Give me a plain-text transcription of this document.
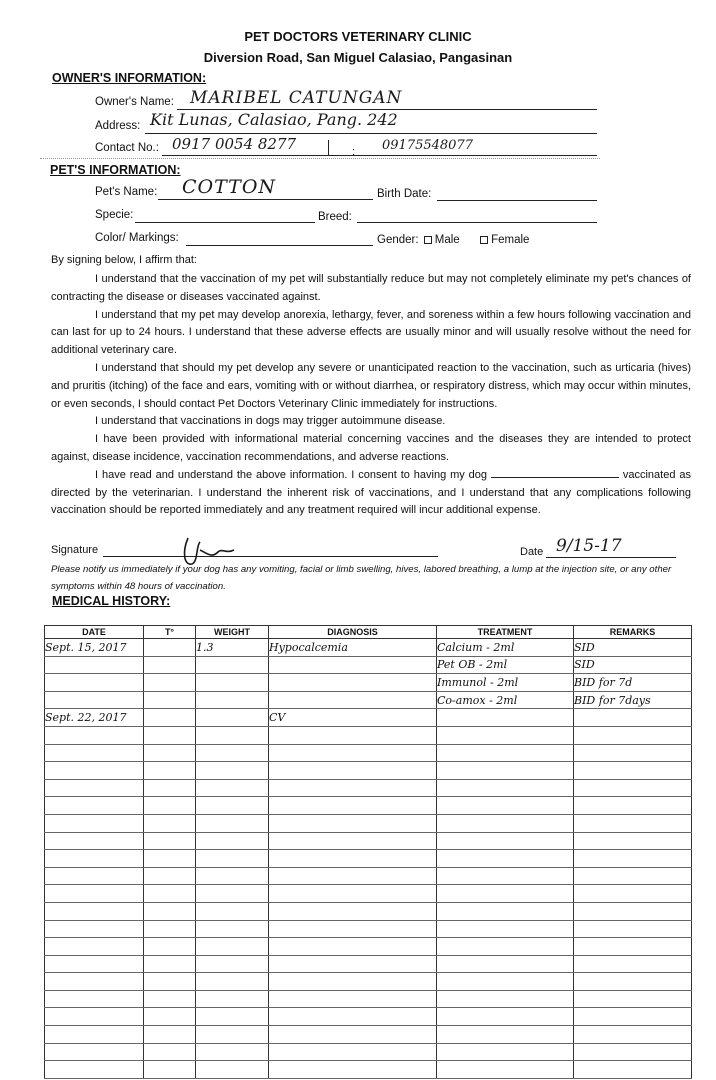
PET DOCTORS VETERINARY CLINIC
Diversion Road, San Miguel Calasiao, Pangasinan
OWNER'S INFORMATION:
Owner's Name: MARIBEL CATUNGAN
Address: Kit Lunas, Calasiao, Pang. 242
Contact No.: 0917 0054 8277	: 09175548077
PET'S INFORMATION:
Pet's Name: COTTON	Birth Date:
Specie:	Breed:
Color/ Markings:	Gender: Male	Female
By signing below, I affirm that:

I understand that the vaccination of my pet will substantially reduce but may not completely eliminate my pet's chances of contracting the disease or diseases vaccinated against.

I understand that my pet may develop anorexia, lethargy, fever, and soreness within a few hours following vaccination and can last for up to 24 hours. I understand that these adverse effects are usually minor and will usually resolve without the need for additional veterinary care.

I understand that should my pet develop any severe or unanticipated reaction to the vaccination, such as urticaria (hives) and pruritis (itching) of the face and ears, vomiting with or without diarrhea, or respiratory distress, which may occur within minutes, or even seconds, I should contact Pet Doctors Veterinary Clinic immediately for instructions.

I understand that vaccinations in dogs may trigger autoimmune disease.

I have been provided with informational material concerning vaccines and the diseases they are intended to protect against, disease incidence, vaccination recommendations, and adverse reactions.

I have read and understand the above information. I consent to having my dog	vaccinated as directed by the veterinarian. I understand the inherent risk of vaccinations, and I understand that any complications following vaccination should be reported immediately and any treatment required will incur additional expense.

Signature	Date 9/15-17
Please notify us immediately if your dog has any vomiting, facial or limb swelling, hives, labored breathing, a lump at the injection site, or any other symptoms within 48 hours of vaccination.
MEDICAL HISTORY:
DATE	T°	WEIGHT	DIAGNOSIS	TREATMENT	REMARKS

Sept. 15, 2017		1.3	Hypocalcemia	Calcium - 2ml	SID

				Pet OB - 2ml	SID

				Immunol - 2ml	BID for 7d

				Co-amox - 2ml	BID for 7days

Sept. 22, 2017			CV		
